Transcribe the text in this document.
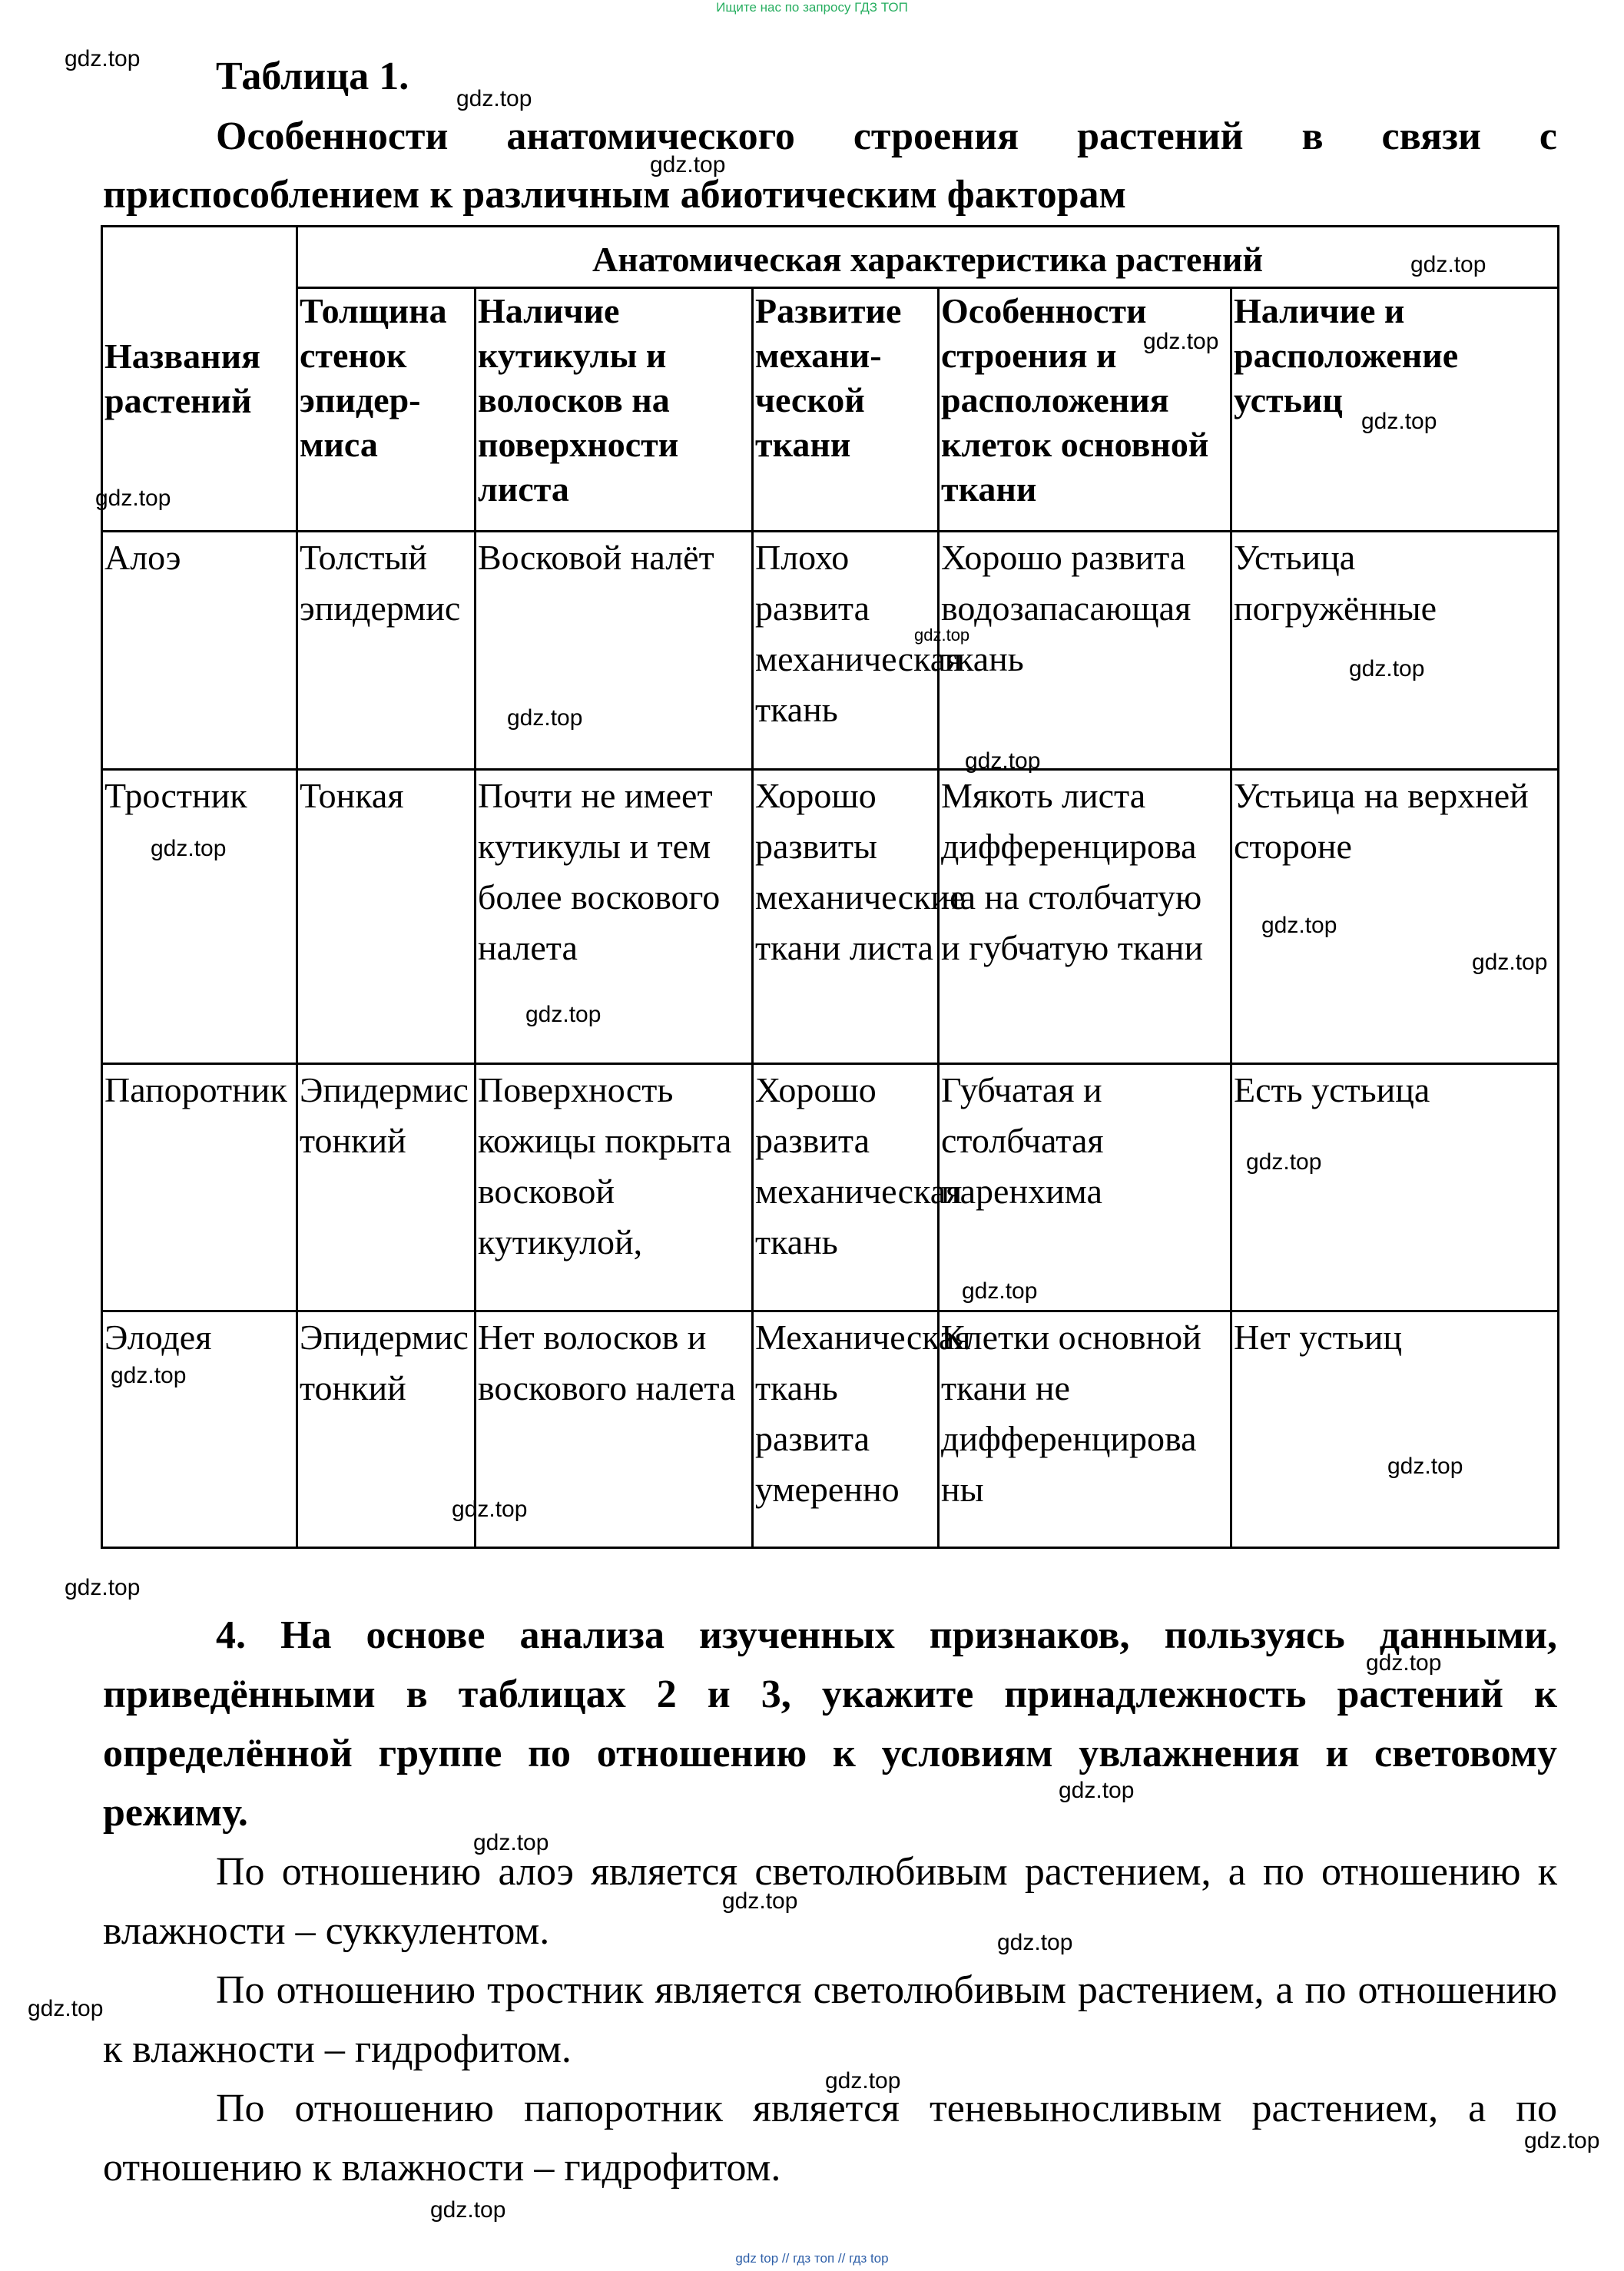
Ищите нас по запросу ГДЗ ТОП
Таблица 1.
Особенности анатомического строения растений в связи с
приспособлением к различным абиотическим факторам
Названия растений	Анатомическая характеристика растений				
	Толщина стенок эпидер-миса	Наличие кутикулы и волосков на поверхности листа	Развитие механи-ческой ткани	Особенности строения и расположения клеток основной ткани	Наличие и расположение устьиц
Алоэ	Толстый эпидермис	Восковой налёт	Плохо развита механическая ткань	Хорошо развита водозапасающая ткань	Устьица погружённые
Тростник	Тонкая	Почти не имеет кутикулы и тем более воскового налета	Хорошо развиты механические ткани листа	Мякоть листа дифференцирова на на столбчатую и губчатую ткани	Устьица на верхней стороне
Папоротник	Эпидермис тонкий	Поверхность кожицы покрыта восковой кутикулой,	Хорошо развита механическая ткань	Губчатая и столбчатая паренхима	Есть устьица
Элодея	Эпидермис тонкий	Нет волосков и воскового налета	Механическая ткань развита умеренно	Клетки основной ткани не дифференцирова ны	Нет устьиц
4. На основе анализа изученных признаков, пользуясь данными, приведёнными в таблицах 2 и 3, укажите принадлежность растений к определённой группе по отношению к условиям увлажнения и световому режиму.
По отношению алоэ является светолюбивым растением, а по отношению к влажности – суккулентом.
По отношению тростник является светолюбивым растением, а по отношению к влажности – гидрофитом.
По отношению папоротник является теневыносливым растением, а по отношению к влажности – гидрофитом.
gdz.top
gdz.top
gdz.top
gdz.top
gdz.top
gdz.top
gdz.top
gdz.top
gdz.top
gdz.top
gdz.top
gdz.top
gdz.top
gdz.top
gdz.top
gdz.top
gdz.top
gdz.top
gdz.top
gdz.top
gdz.top
gdz.top
gdz.top
gdz.top
gdz.top
gdz.top
gdz.top
gdz.top
gdz.top
gdz.top
gdz top // гдз топ // гдз top
